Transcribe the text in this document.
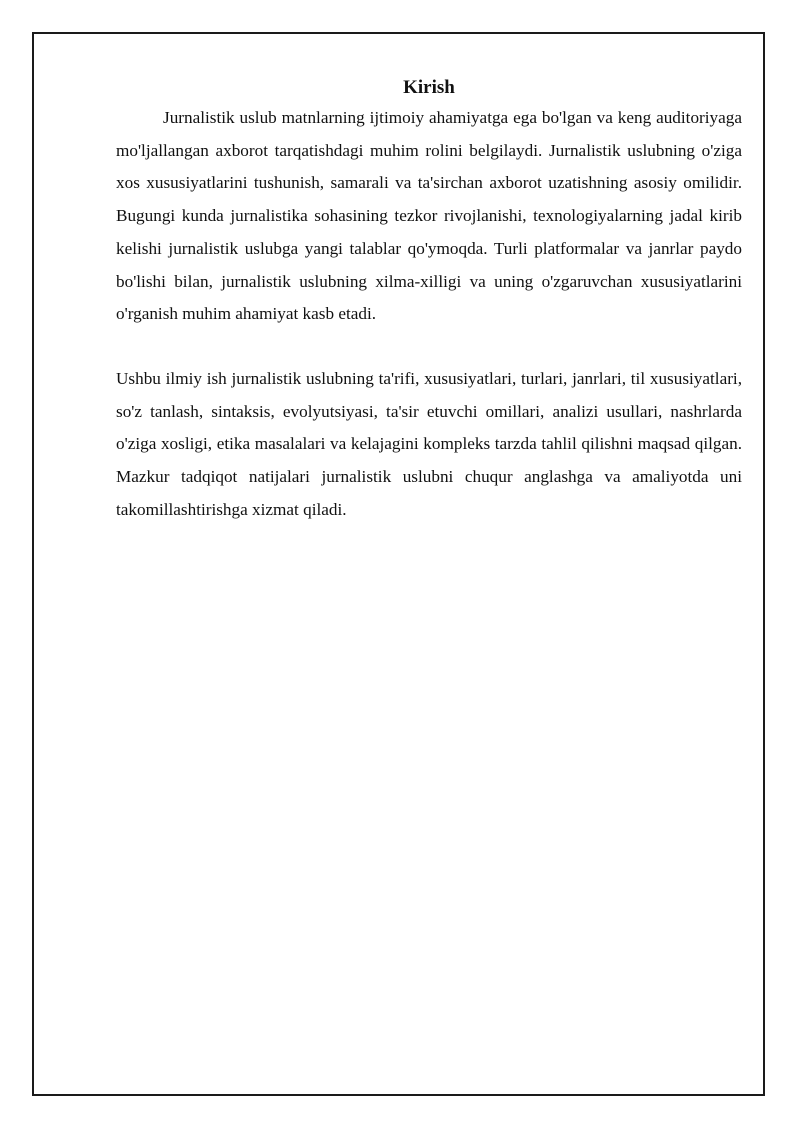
Kirish

Jurnalistik uslub matnlarning ijtimoiy ahamiyatga ega bo'lgan va keng auditoriyaga mo'ljallangan axborot tarqatishdagi muhim rolini belgilaydi. Jurnalistik uslubning o'ziga xos xususiyatlarini tushunish, samarali va ta'sirchan axborot uzatishning asosiy omilidir. Bugungi kunda jurnalistika sohasining tezkor rivojlanishi, texnologiyalarning jadal kirib kelishi jurnalistik uslubga yangi talablar qo'ymoqda. Turli platformalar va janrlar paydo bo'lishi bilan, jurnalistik uslubning xilma-xilligi va uning o'zgaruvchan xususiyatlarini o'rganish muhim ahamiyat kasb etadi.

Ushbu ilmiy ish jurnalistik uslubning ta'rifi, xususiyatlari, turlari, janrlari, til xususiyatlari, so'z tanlash, sintaksis, evolyutsiyasi, ta'sir etuvchi omillari, analizi usullari, nashrlarda o'ziga xosligi, etika masalalari va kelajagini kompleks tarzda tahlil qilishni maqsad qilgan. Mazkur tadqiqot natijalari jurnalistik uslubni chuqur anglashga va amaliyotda uni takomillashtirishga xizmat qiladi.
